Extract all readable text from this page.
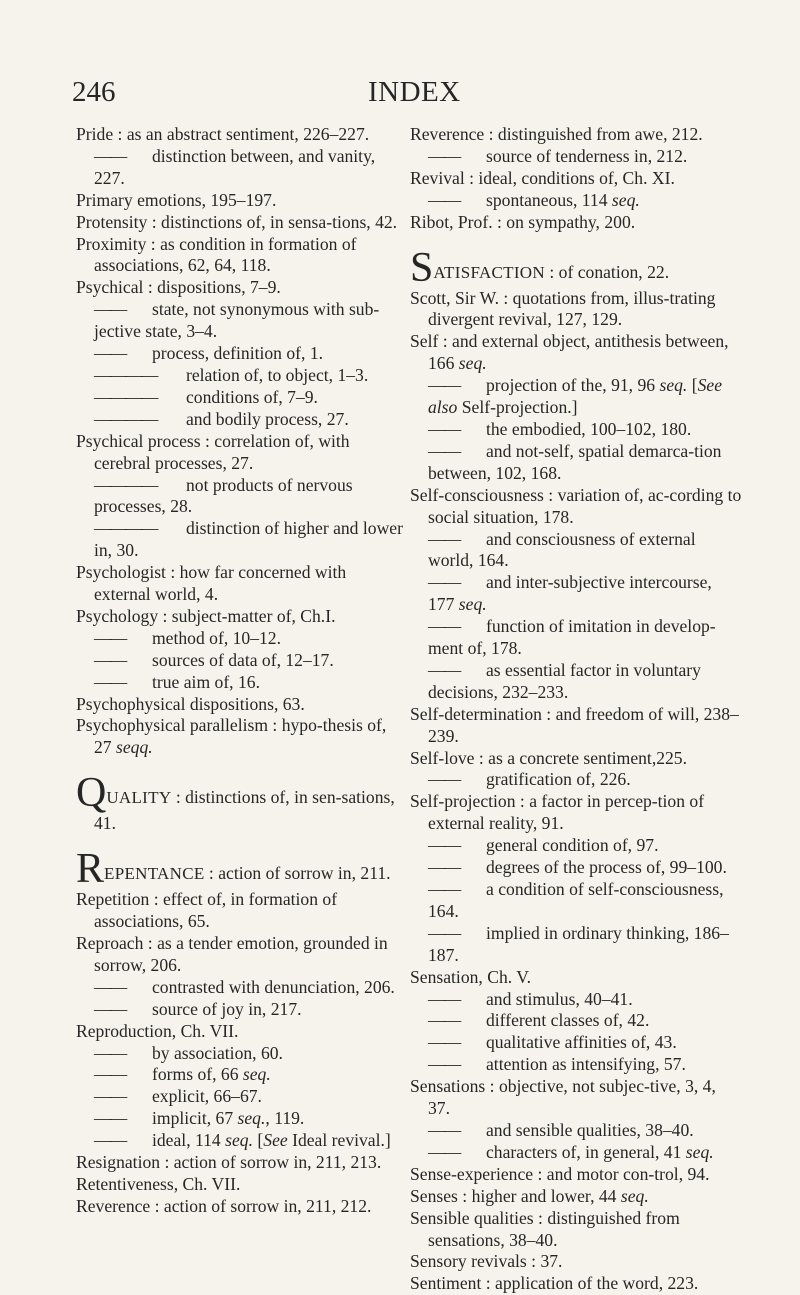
246	INDEX
Pride : as an abstract sentiment, 226–227.
—— distinction between, and vanity, 227.
Primary emotions, 195–197.
Protensity : distinctions of, in sensa-tions, 42.
Proximity : as condition in formation of associations, 62, 64, 118.
Psychical : dispositions, 7–9.
—— state, not synonymous with sub-jective state, 3–4.
—— process, definition of, 1.
———— relation of, to object, 1–3.
———— conditions of, 7–9.
———— and bodily process, 27.
Psychical process : correlation of, with cerebral processes, 27.
———— not products of nervous processes, 28.
———— distinction of higher and lower in, 30.
Psychologist : how far concerned with external world, 4.
Psychology : subject-matter of, Ch.I.
—— method of, 10–12.
—— sources of data of, 12–17.
—— true aim of, 16.
Psychophysical dispositions, 63.
Psychophysical parallelism : hypo-thesis of, 27 seqq.
QUALITY : distinctions of, in sen-sations, 41.
REPENTANCE : action of sorrow in, 211.
Repetition : effect of, in formation of associations, 65.
Reproach : as a tender emotion, grounded in sorrow, 206.
—— contrasted with denunciation, 206.
—— source of joy in, 217.
Reproduction, Ch. VII.
—— by association, 60.
—— forms of, 66 seq.
—— explicit, 66–67.
—— implicit, 67 seq., 119.
—— ideal, 114 seq. [See Ideal revival.]
Resignation : action of sorrow in, 211, 213.
Retentiveness, Ch. VII.
Reverence : action of sorrow in, 211, 212.
Reverence : distinguished from awe, 212.
—— source of tenderness in, 212.
Revival : ideal, conditions of, Ch. XI.
—— spontaneous, 114 seq.
Ribot, Prof. : on sympathy, 200.
SATISFACTION : of conation, 22.
Scott, Sir W. : quotations from, illus-trating divergent revival, 127, 129.
Self : and external object, antithesis between, 166 seq.
—— projection of the, 91, 96 seq. [See also Self-projection.]
—— the embodied, 100–102, 180.
—— and not-self, spatial demarca-tion between, 102, 168.
Self-consciousness : variation of, ac-cording to social situation, 178.
—— and consciousness of external world, 164.
—— and inter-subjective intercourse, 177 seq.
—— function of imitation in develop-ment of, 178.
—— as essential factor in voluntary decisions, 232–233.
Self-determination : and freedom of will, 238–239.
Self-love : as a concrete sentiment,225.
—— gratification of, 226.
Self-projection : a factor in percep-tion of external reality, 91.
—— general condition of, 97.
—— degrees of the process of, 99–100.
—— a condition of self-consciousness, 164.
—— implied in ordinary thinking, 186–187.
Sensation, Ch. V.
—— and stimulus, 40–41.
—— different classes of, 42.
—— qualitative affinities of, 43.
—— attention as intensifying, 57.
Sensations : objective, not subjec-tive, 3, 4, 37.
—— and sensible qualities, 38–40.
—— characters of, in general, 41 seq.
Sense-experience : and motor con-trol, 94.
Senses : higher and lower, 44 seq.
Sensible qualities : distinguished from sensations, 38–40.
Sensory revivals : 37.
Sentiment : application of the word, 223.
